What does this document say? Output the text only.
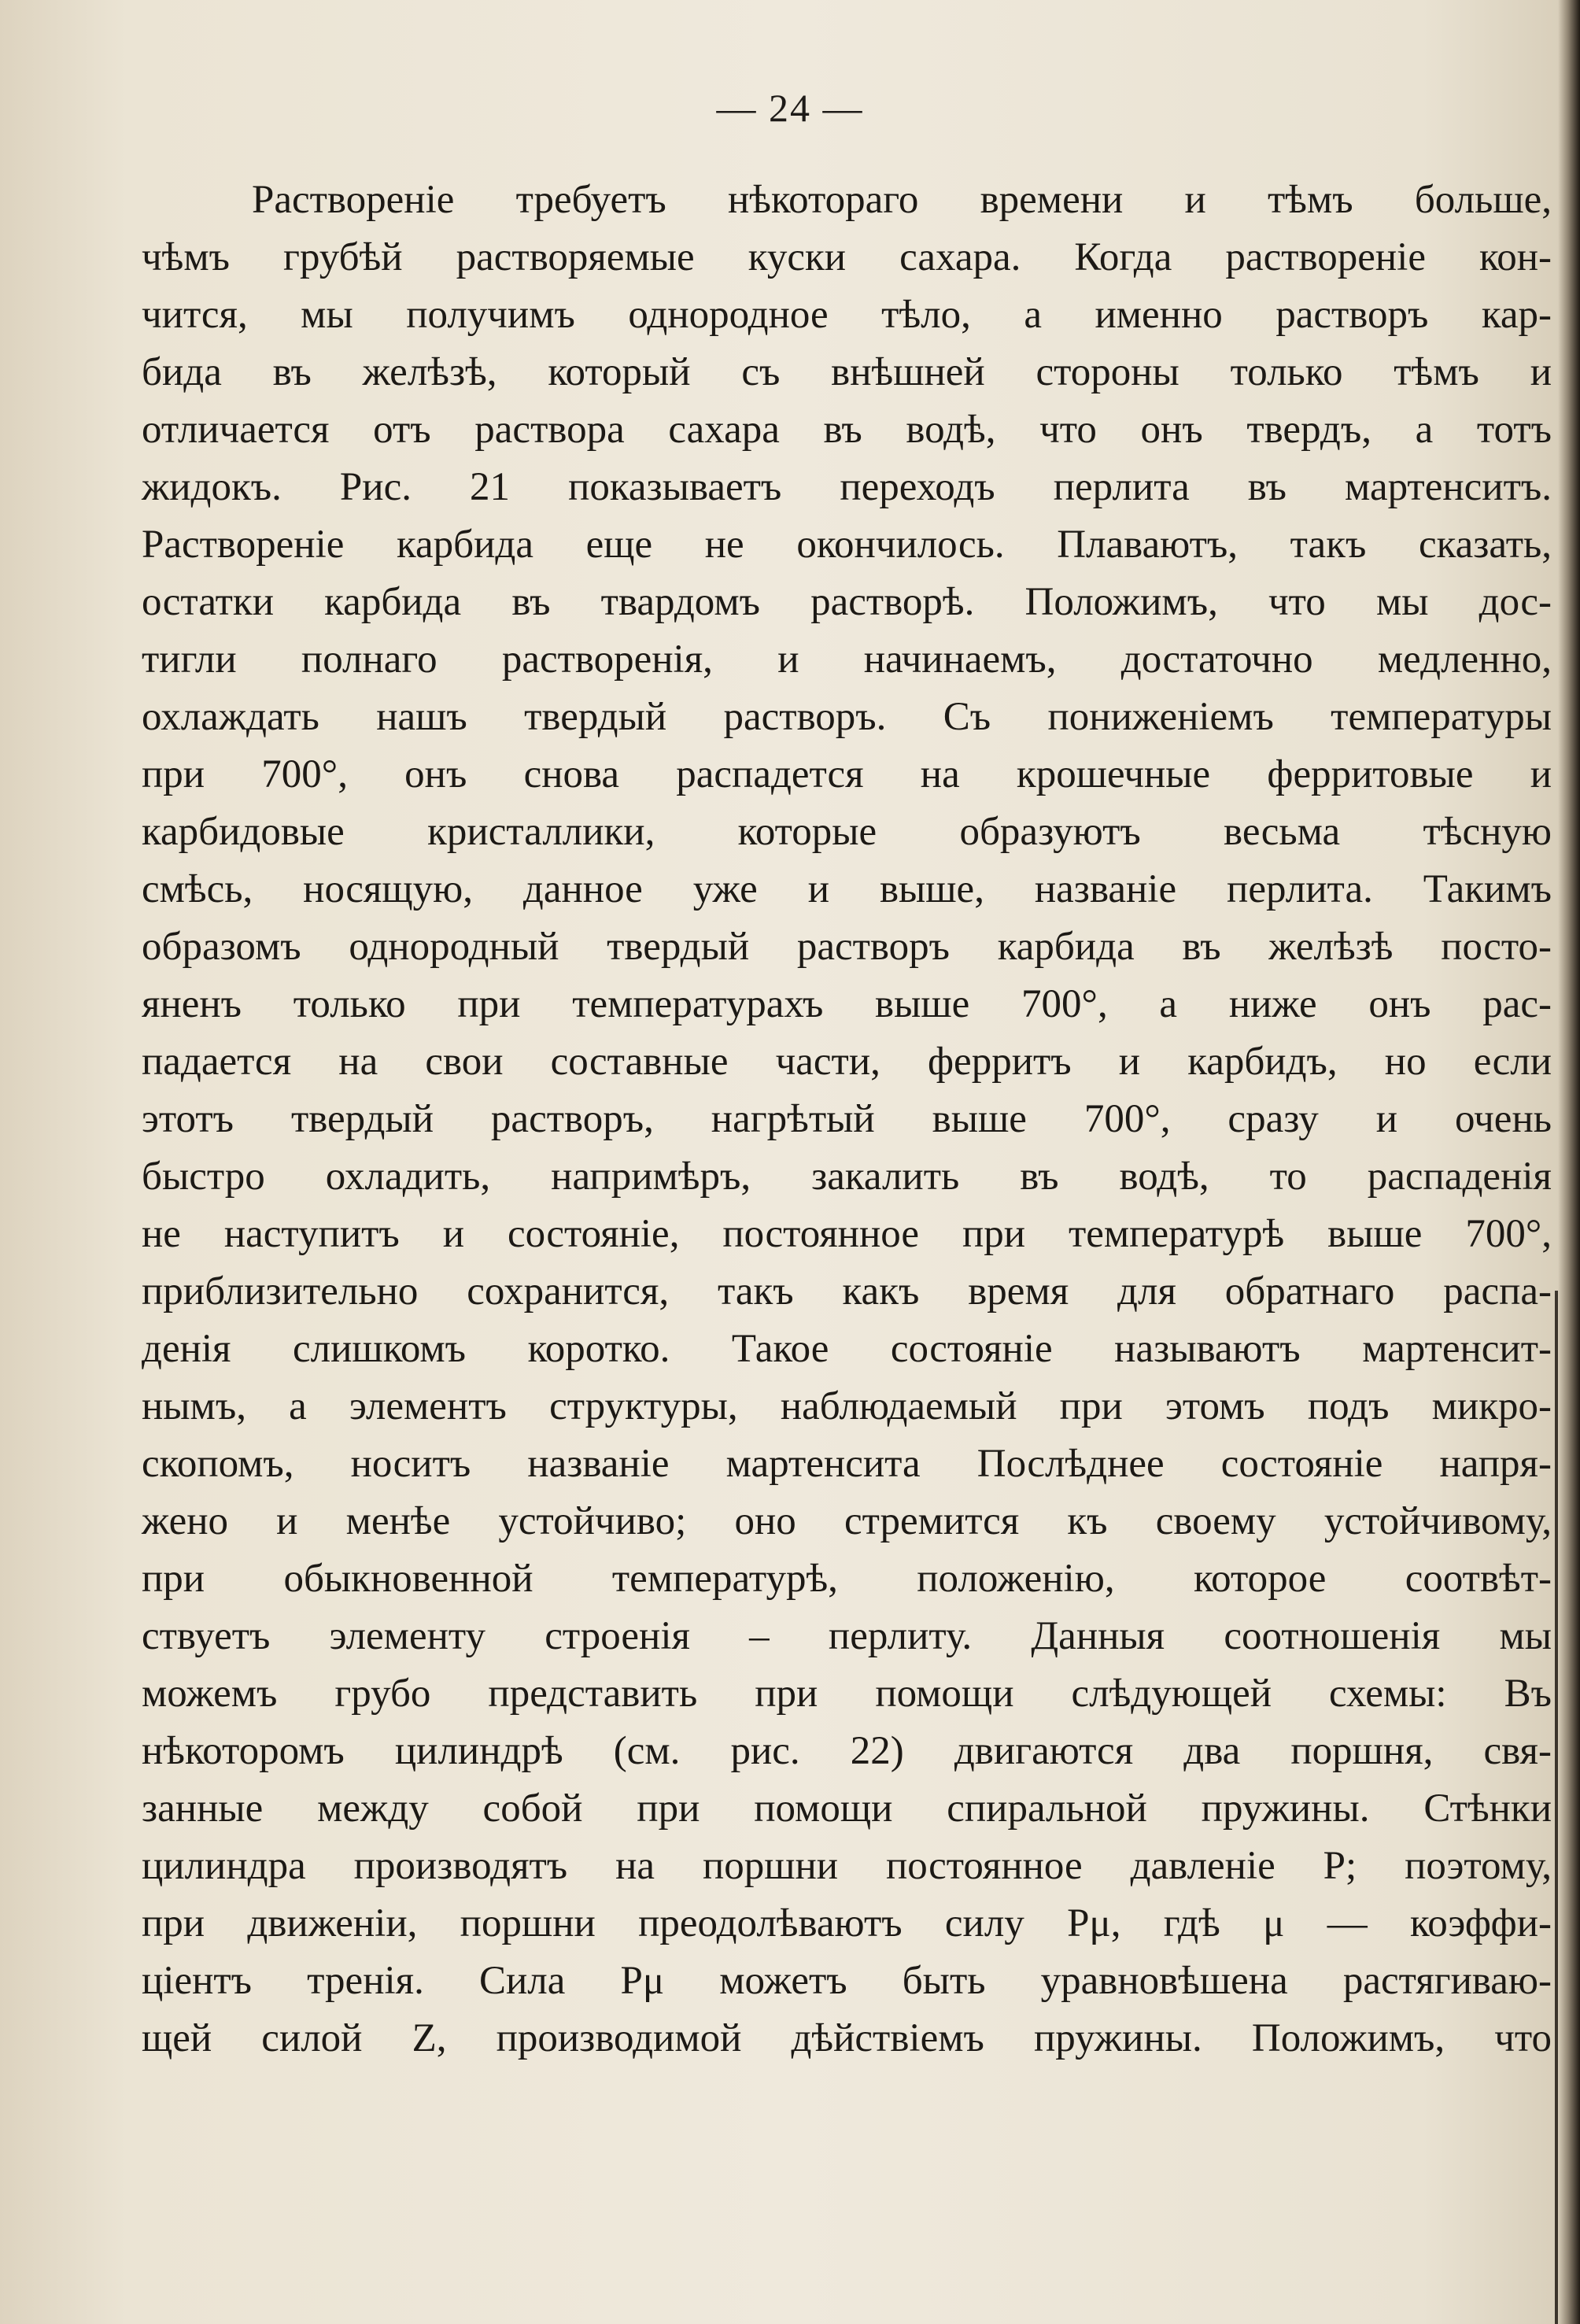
— 24 —
Раствореніе требуетъ нѣкотораго времени и тѣмъ больше,
чѣмъ грубѣй растворяемые куски сахара. Когда раствореніе кон-
чится, мы получимъ однородное тѣло, а именно растворъ кар-
бида въ желѣзѣ, который съ внѣшней стороны только тѣмъ и
отличается отъ раствора сахара въ водѣ, что онъ твердъ, а тотъ
жидокъ. Рис. 21 показываетъ переходъ перлита въ мартенситъ.
Раствореніе карбида еще не окончилось. Плаваютъ, такъ сказать,
остатки карбида въ твардомъ растворѣ. Положимъ, что мы дос-
тигли полнаго растворенія, и начинаемъ, достаточно медленно,
охлаждать нашъ твердый растворъ. Съ пониженіемъ температуры
при 700°, онъ снова распадется на крошечные ферритовые и
карбидовые кристаллики, которые образуютъ весьма тѣсную
смѣсь, носящую, данное уже и выше, названіе перлита. Такимъ
образомъ однородный твердый растворъ карбида въ желѣзѣ посто-
яненъ только при температурахъ выше 700°, а ниже онъ рас-
падается на свои составные части, ферритъ и карбидъ, но если
этотъ твердый растворъ, нагрѣтый выше 700°, сразу и очень
быстро охладить, напримѣръ, закалить въ водѣ, то распаденія
не наступитъ и состояніе, постоянное при температурѣ выше 700°,
приблизительно сохранится, такъ какъ время для обратнаго распа-
денія слишкомъ коротко. Такое состояніе называютъ мартенсит-
нымъ, а элементъ структуры, наблюдаемый при этомъ подъ микро-
скопомъ, носитъ названіе мартенсита Послѣднее состояніе напря-
жено и менѣе устойчиво; оно стремится къ своему устойчивому,
при обыкновенной температурѣ, положенію, которое соотвѣт-
ствуетъ элементу строенія – перлиту. Данныя соотношенія мы
можемъ грубо представить при помощи слѣдующей схемы: Въ
нѣкоторомъ цилиндрѣ (см. рис. 22) двигаются два поршня, свя-
занные между собой при помощи спиральной пружины. Стѣнки
цилиндра производятъ на поршни постоянное давленіе P; поэтому,
при движеніи, поршни преодолѣваютъ силу Pμ, гдѣ μ — коэффи-
ціентъ тренія. Сила Pμ можетъ быть уравновѣшена растягиваю-
щей силой Z, производимой дѣйствіемъ пружины. Положимъ, что
